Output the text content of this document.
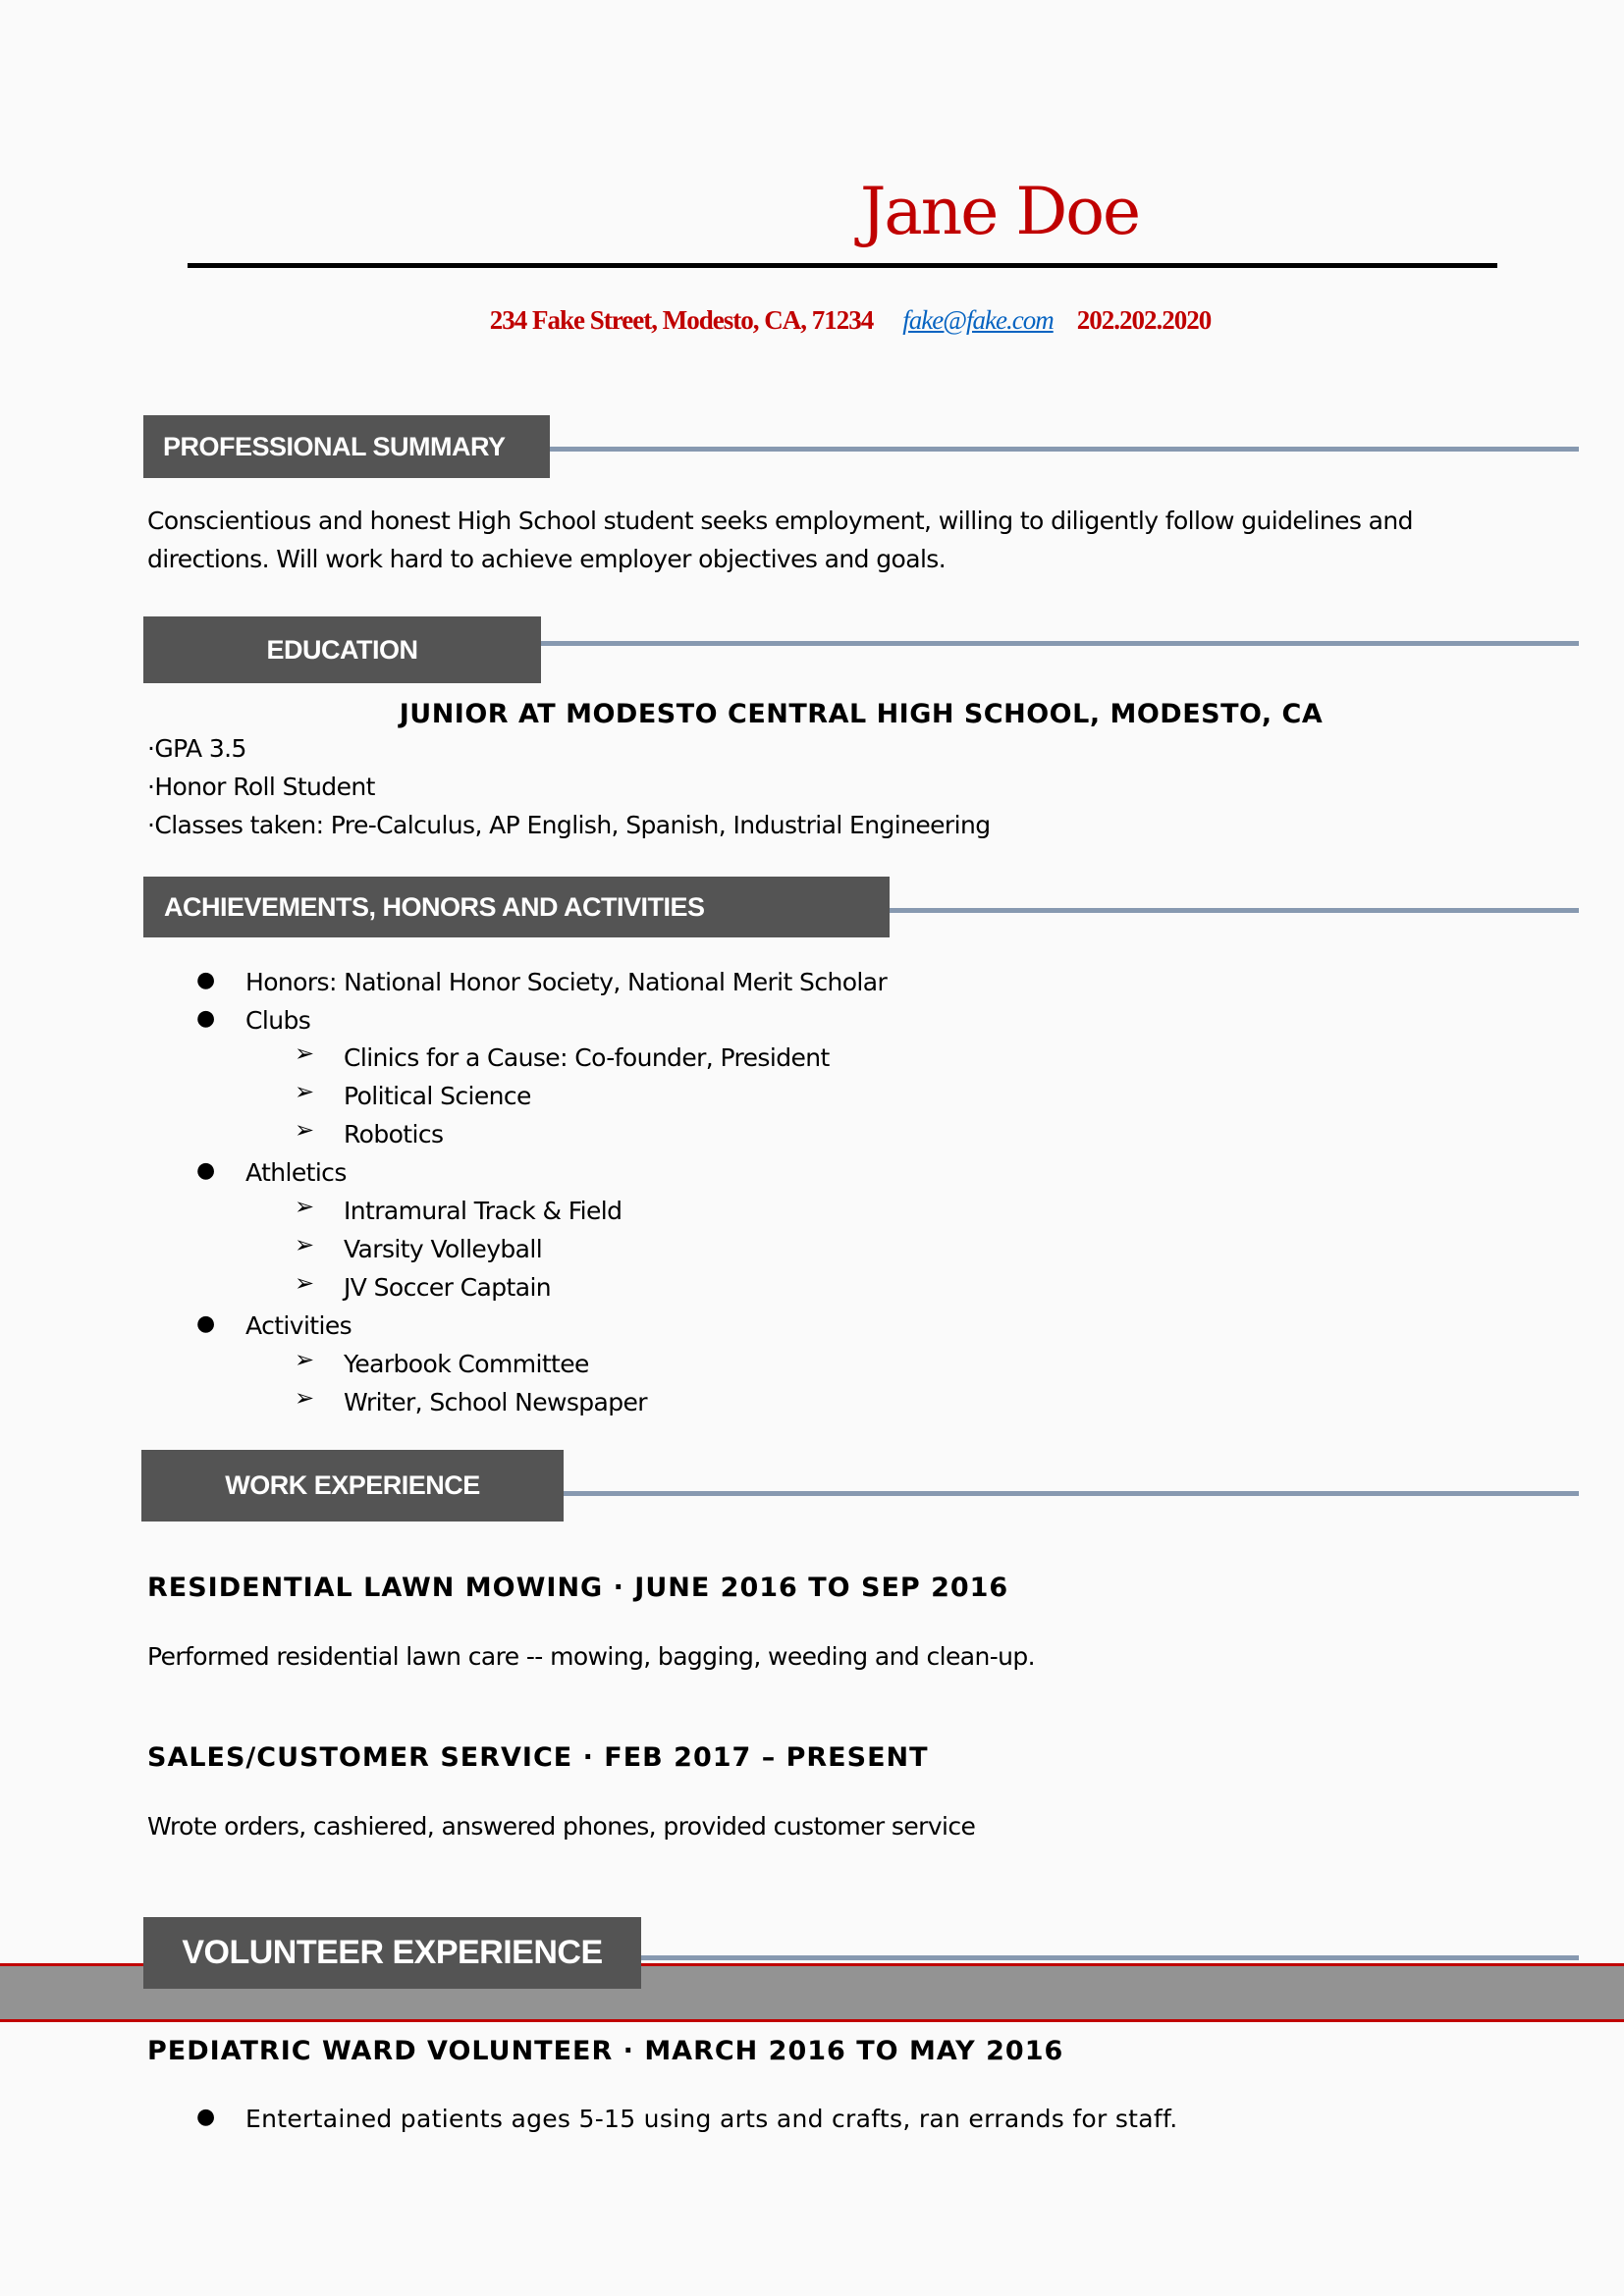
Jane Doe
234 Fake Street, Modesto, CA, 71234 fake@fake.com 202.202.2020
PROFESSIONAL SUMMARY
Conscientious and honest High School student seeks employment, willing to diligently follow guidelines and
directions. Will work hard to achieve employer objectives and goals.
EDUCATION
JUNIOR AT MODESTO CENTRAL HIGH SCHOOL, MODESTO, CA
·GPA 3.5
·Honor Roll Student
·Classes taken: Pre-Calculus, AP English, Spanish, Industrial Engineering
ACHIEVEMENTS, HONORS AND ACTIVITIES
● Honors: National Honor Society, National Merit Scholar
● Clubs
➢ Clinics for a Cause: Co-founder, President
➢ Political Science
➢ Robotics
● Athletics
➢ Intramural Track & Field
➢ Varsity Volleyball
➢ JV Soccer Captain
● Activities
➢ Yearbook Committee
➢ Writer, School Newspaper
WORK EXPERIENCE
RESIDENTIAL LAWN MOWING · JUNE 2016 TO SEP 2016
Performed residential lawn care -- mowing, bagging, weeding and clean-up.
SALES/CUSTOMER SERVICE · FEB 2017 – PRESENT
Wrote orders, cashiered, answered phones, provided customer service
VOLUNTEER EXPERIENCE
PEDIATRIC WARD VOLUNTEER · MARCH 2016 TO MAY 2016
● Entertained patients ages 5-15 using arts and crafts, ran errands for staff.
